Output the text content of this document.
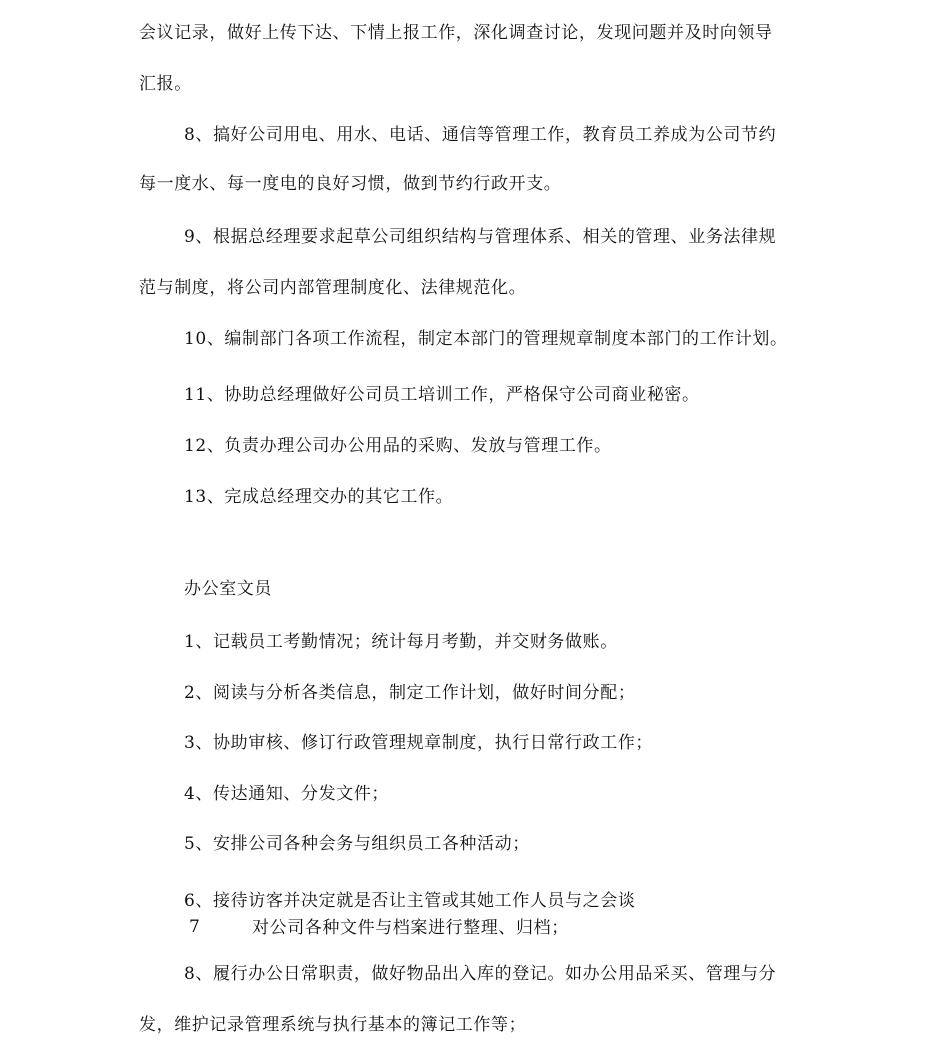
会议记录，做好上传下达、下情上报工作，深化调查讨论，发现问题并及时向领导
汇报。
8、搞好公司用电、用水、电话、通信等管理工作，教育员工养成为公司节约
每一度水、每一度电的良好习惯，做到节约行政开支。
9、根据总经理要求起草公司组织结构与管理体系、相关的管理、业务法律规
范与制度，将公司内部管理制度化、法律规范化。
10、编制部门各项工作流程，制定本部门的管理规章制度本部门的工作计划。
11、协助总经理做好公司员工培训工作，严格保守公司商业秘密。
12、负责办理公司办公用品的采购、发放与管理工作。
13、完成总经理交办的其它工作。
办公室文员
1、记载员工考勤情况；统计每月考勤，并交财务做账。
2、阅读与分析各类信息，制定工作计划，做好时间分配；
3、协助审核、修订行政管理规章制度，执行日常行政工作；
4、传达通知、分发文件；
5、安排公司各种会务与组织员工各种活动；
6、接待访客并决定就是否让主管或其她工作人员与之会谈
7	对公司各种文件与档案进行整理、归档；
8、履行办公日常职责，做好物品出入库的登记。如办公用品采买、管理与分
发，维护记录管理系统与执行基本的簿记工作等；
